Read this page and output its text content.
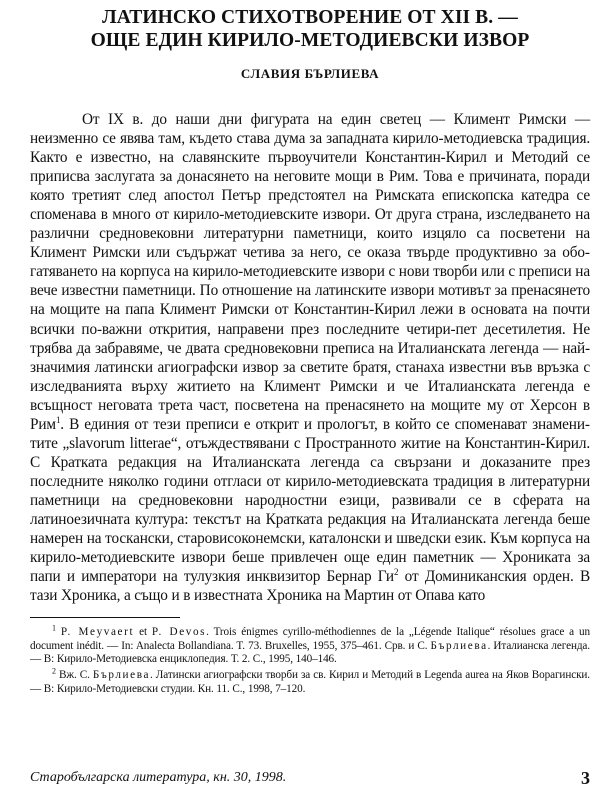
ЛАТИНСКО СТИХОТВОРЕНИЕ ОТ XII В. —
ОЩЕ ЕДИН КИРИЛО-МЕТОДИЕВСКИ ИЗВОР
СЛАВИЯ БЪРЛИЕВА

От IX в. до наши дни фигурата на един светец — Климент Римски — неизменно се явява там, където става дума за западната кирило-методиевска традиция. Както е известно, на славянските първоучители Константин-Кирил и Методий се приписва заслугата за донасянето на неговите мощи в Рим. Това е причината, поради която третият след апостол Петър предстоятел на Римската епископска катедра се споменава в много от кирило-методиевските извори. От друга страна, изследването на различни средновековни литературни паметници, които изцяло са посветени на Климент Римски или съдържат четива за него, се оказа твърде продуктивно за обогатяването на корпуса на кирило-методиевските извори с нови творби или с преписи на вече известни паметници. По отношение на латинските извори мотивът за пренасянето на мощите на папа Климент Римски от Константин-Кирил лежи в основата на почти всички по-важни открития, направени през последните четири-пет десетилетия. Не трябва да забравяме, че двата средновековни преписа на Италианската легенда — най-значимия латински агиографски извор за светите братя, станаха известни във връзка с изследванията върху житието на Климент Римски и че Италианската легенда е всъщност неговата трета част, посветена на пренасянето на мощите му от Херсон в Рим$^1$. В единия от тези преписи е открит и прологът, в който се споменават знаменитите „slavorum litterae“, отъждествявани с Пространното житие на Константин-Кирил. С Кратката редакция на Италианската легенда са свързани и доказаните през последните няколко години отгласи от кирило-методиевската традиция в литературни паметници на средновековни народностни езици, развивали се в сферата на латиноезичната култура: текстът на Кратката редакция на Италианската легенда беше намерен на тоскански, старовисоконемски, каталонски и шведски език. Към корпуса на кирило-методиевските извори беше привлечен още един паметник — Хрониката за папи и императори на тулузкия инквизитор Бернар $Ги^2$ от Доминиканския орден. В тази Хроника, а също и в известната Хроника на Мартин от Опава като

$^1$ P. Meyvaert et P. Devos. Trois énigmes cyrillo-méthodiennes de la „Légende Italique“ résolues grace a un document inédit. — In: Analecta Bollandiana. T. 73. Bruxelles, 1955, 375–461. Срв. и С. Бърлиева. Италианска легенда. — В: Кирило-Методиевска енциклопедия. Т. 2. С., 1995, 140–146.

$^2$ Вж. С. Бърлиева. Латински агиографски творби за св. Кирил и Методий в Legenda aurea на Яков Ворагински. — В: Кирило-Методиевски студии. Кн. 11. С., 1998, 7–120.

Старобългарска литература, кн. 30, 1998.	3
